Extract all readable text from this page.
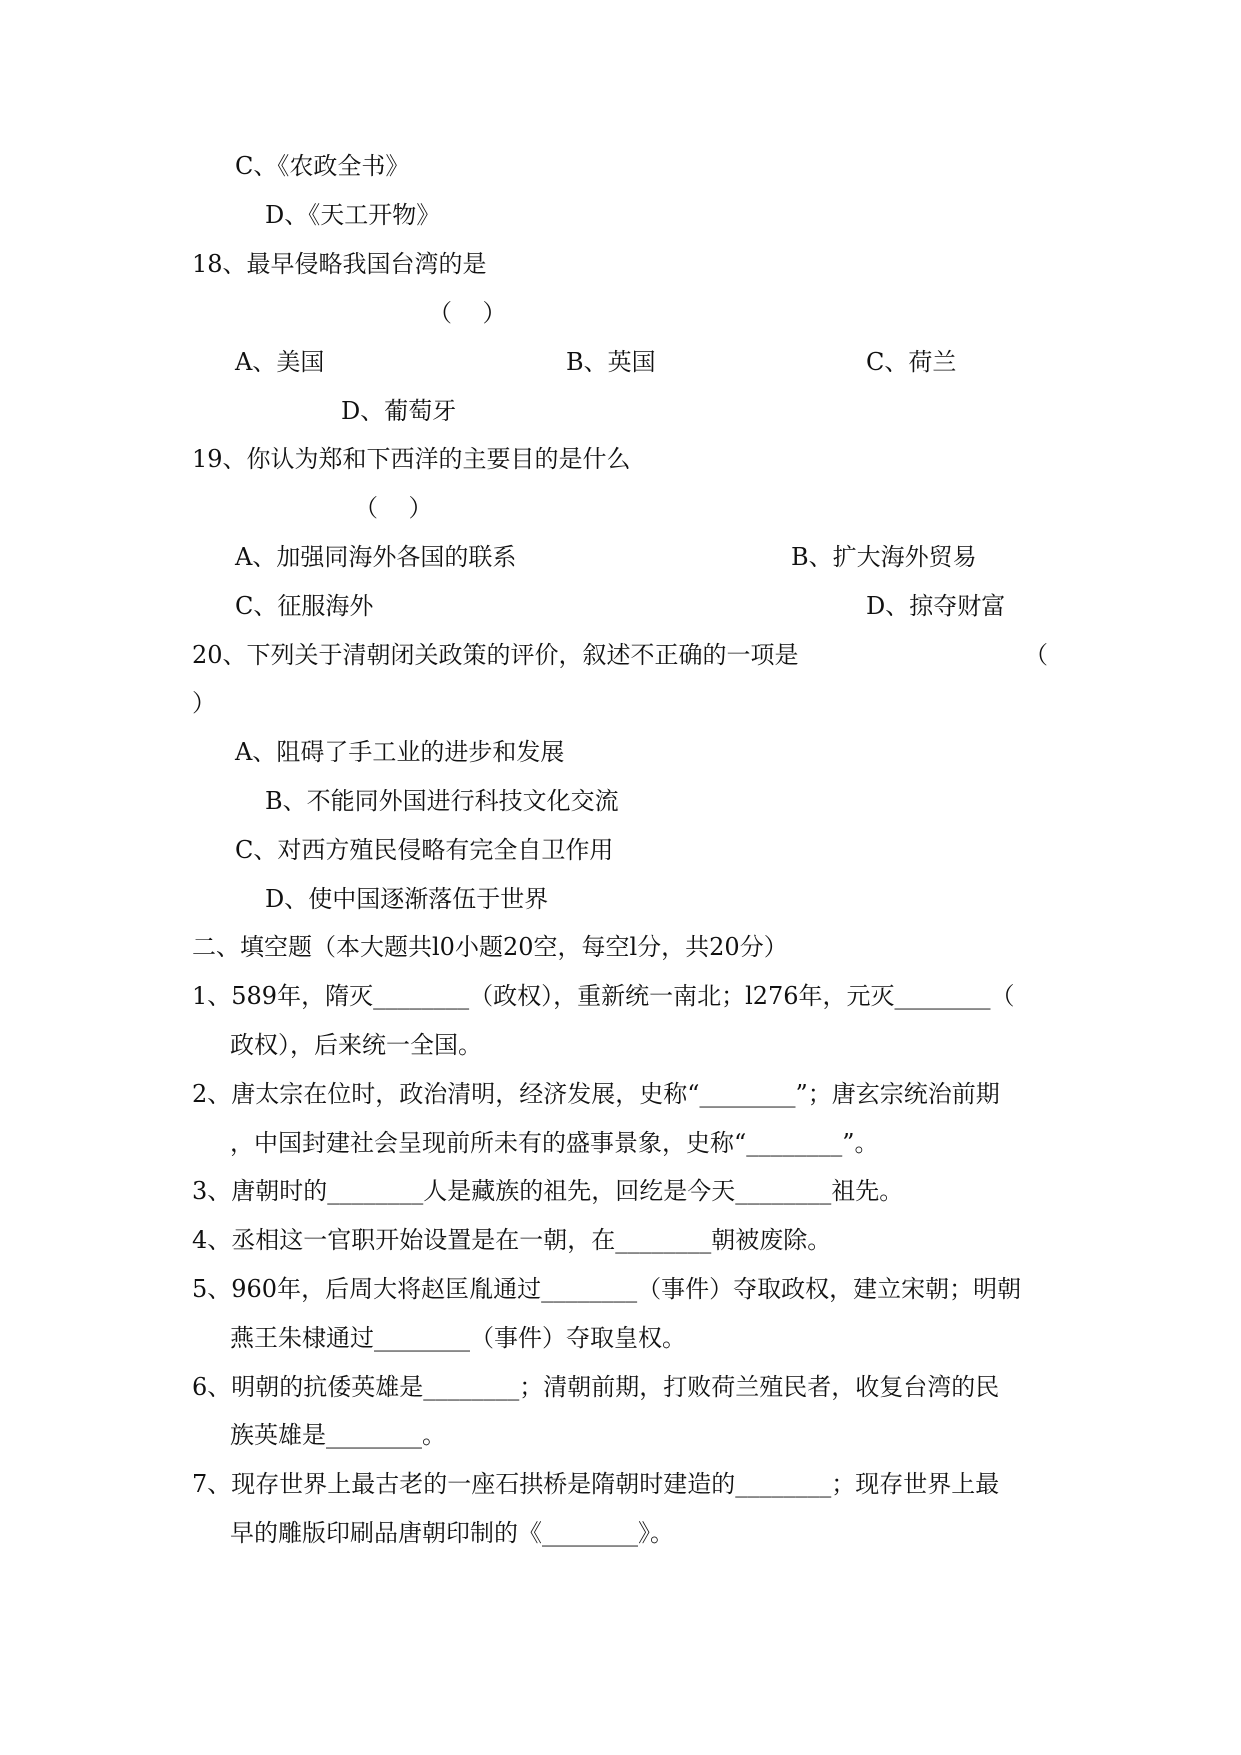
C、《农政全书》
D、《天工开物》
18、最早侵略我国台湾的是
（    ）
A、美国	B、英国	C、荷兰
D、葡萄牙
19、你认为郑和下西洋的主要目的是什么
（    ）
A、加强同海外各国的联系	B、扩大海外贸易
C、征服海外	D、掠夺财富
20、下列关于清朝闭关政策的评价，叙述不正确的一项是	（
）
A、阻碍了手工业的进步和发展
B、不能同外国进行科技文化交流
C、对西方殖民侵略有完全自卫作用
D、使中国逐渐落伍于世界
二、填空题（本大题共l0小题20空，每空l分，共20分）
1、589年，隋灭________（政权），重新统一南北；l276年，元灭________（
政权），后来统一全国。
2、唐太宗在位时，政治清明，经济发展，史称“________”；唐玄宗统治前期
，中国封建社会呈现前所未有的盛事景象，史称“________”。
3、唐朝时的________人是藏族的祖先，回纥是今天________祖先。
4、丞相这一官职开始设置是在一朝，在________朝被废除。
5、960年，后周大将赵匡胤通过________（事件）夺取政权，建立宋朝；明朝
燕王朱棣通过________（事件）夺取皇权。
6、明朝的抗倭英雄是________；清朝前期，打败荷兰殖民者，收复台湾的民
族英雄是________。
7、现存世界上最古老的一座石拱桥是隋朝时建造的________；现存世界上最
早的雕版印刷品唐朝印制的《________》。
